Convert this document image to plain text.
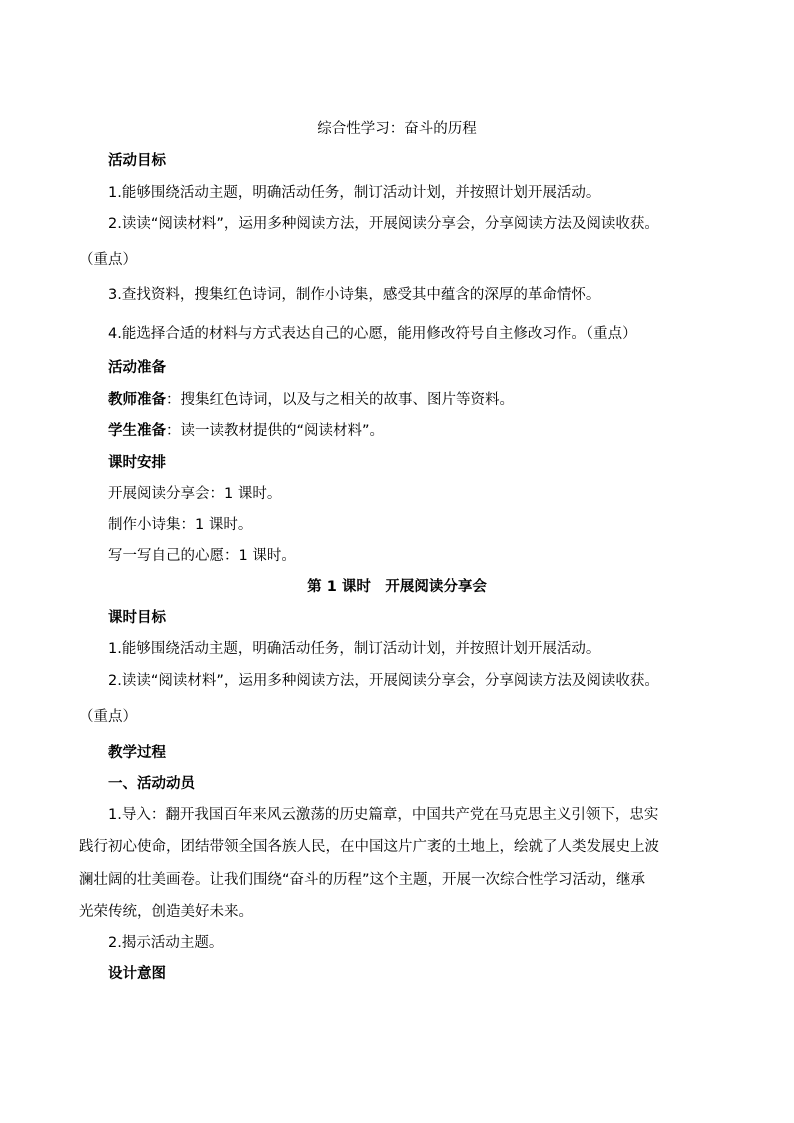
综合性学习：奋斗的历程
活动目标
1.能够围绕活动主题，明确活动任务，制订活动计划，并按照计划开展活动。
2.读读“阅读材料”，运用多种阅读方法，开展阅读分享会，分享阅读方法及阅读收获。
（重点）
3.查找资料，搜集红色诗词，制作小诗集，感受其中蕴含的深厚的革命情怀。
4.能选择合适的材料与方式表达自己的心愿，能用修改符号自主修改习作。（重点）
活动准备
教师准备：搜集红色诗词，以及与之相关的故事、图片等资料。
学生准备：读一读教材提供的“阅读材料”。
课时安排
开展阅读分享会：1 课时。
制作小诗集：1 课时。
写一写自己的心愿：1 课时。
第 1 课时　开展阅读分享会
课时目标
1.能够围绕活动主题，明确活动任务，制订活动计划，并按照计划开展活动。
2.读读“阅读材料”，运用多种阅读方法，开展阅读分享会，分享阅读方法及阅读收获。
（重点）
教学过程
一、活动动员
1.导入：翻开我国百年来风云激荡的历史篇章，中国共产党在马克思主义引领下，忠实
践行初心使命，团结带领全国各族人民，在中国这片广袤的土地上，绘就了人类发展史上波
澜壮阔的壮美画卷。让我们围绕“奋斗的历程”这个主题，开展一次综合性学习活动，继承
光荣传统，创造美好未来。
2.揭示活动主题。
设计意图
